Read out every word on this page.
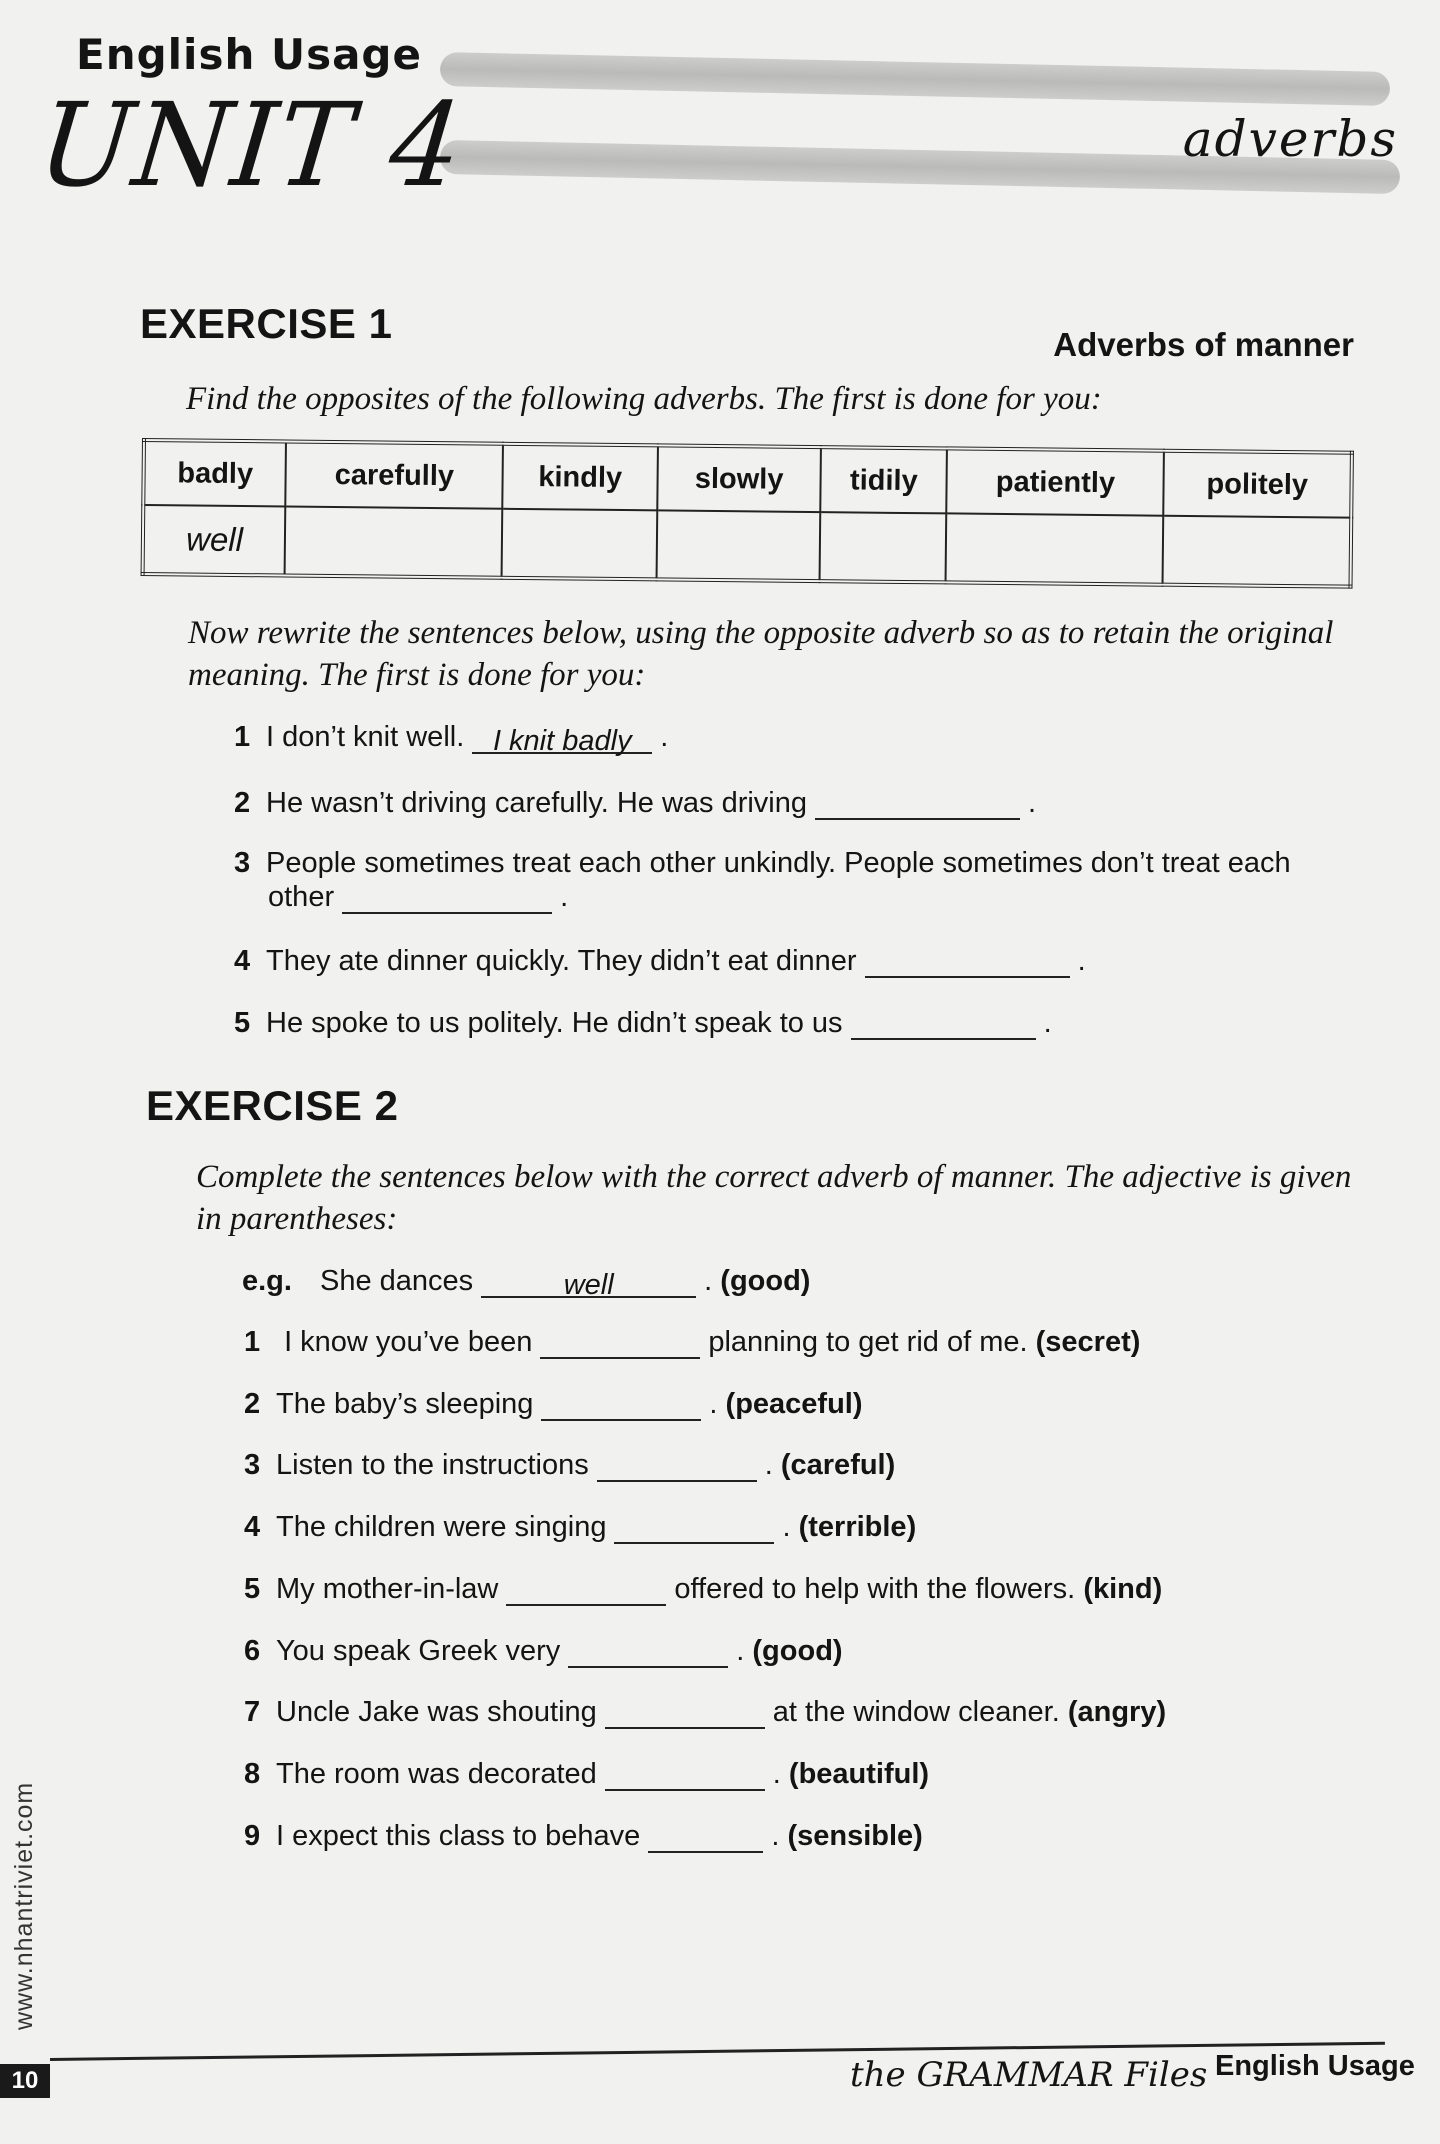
English Usage
UNIT 4	adverbs
EXERCISE 1	Adverbs of manner
Find the opposites of the following adverbs. The first is done for you:
badly	carefully	kindly	slowly	tidily	patiently	politely
well						
Now rewrite the sentences below, using the opposite adverb so as to retain the original meaning. The first is done for you:
1 I don’t knit well. I knit badly .
2 He wasn’t driving carefully. He was driving	.
3 People sometimes treat each other unkindly. People sometimes don’t treat each
other	.
4 They ate dinner quickly. They didn’t eat dinner	.
5 He spoke to us politely. He didn’t speak to us	.
EXERCISE 2
Complete the sentences below with the correct adverb of manner. The adjective is given in parentheses:
e.g. She dances	well	. (good)
1 I know you’ve been	planning to get rid of me. (secret)
2 The baby’s sleeping	. (peaceful)
3 Listen to the instructions	. (careful)
4 The children were singing	. (terrible)
5 My mother-in-law	offered to help with the flowers. (kind)
6 You speak Greek very	. (good)
7 Uncle Jake was shouting	at the window cleaner. (angry)
8 The room was decorated	. (beautiful)
9 I expect this class to behave	. (sensible)
www.nhantriviet.com
10	the GRAMMAR Files English Usage
